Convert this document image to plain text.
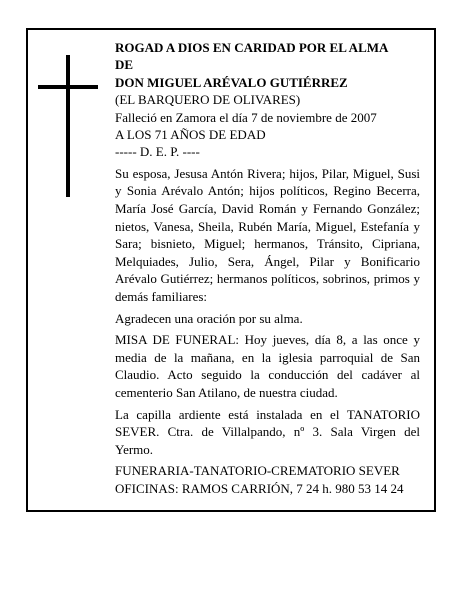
ROGAD A DIOS EN CARIDAD POR EL ALMA
DE
DON MIGUEL ARÉVALO GUTIÉRREZ
(EL BARQUERO DE OLIVARES)
Falleció en Zamora el día 7 de noviembre de 2007
A LOS 71 AÑOS DE EDAD
----- D. E. P. ----
Su esposa, Jesusa Antón Rivera; hijos, Pilar, Miguel, Susi y Sonia Arévalo Antón; hijos políticos, Regino Becerra, María José García, David Román y Fernando González; nietos, Vanesa, Sheila, Rubén María, Miguel, Estefanía y Sara; bisnieto, Miguel; hermanos, Tránsito, Cipriana, Melquiades, Julio, Sera, Ángel, Pilar y Bonificario Arévalo Gutiérrez; hermanos políticos, sobrinos, primos y demás familiares:
Agradecen una oración por su alma.
MISA DE FUNERAL: Hoy jueves, día 8, a las once y media de la mañana, en la iglesia parroquial de San Claudio. Acto seguido la conducción del cadáver al cementerio San Atilano, de nuestra ciudad.
La capilla ardiente está instalada en el TANATORIO SEVER. Ctra. de Villalpando, nº 3. Sala Virgen del Yermo.
FUNERARIA-TANATORIO-CREMATORIO SEVER
OFICINAS: RAMOS CARRIÓN, 7 24 h. 980 53 14 24
